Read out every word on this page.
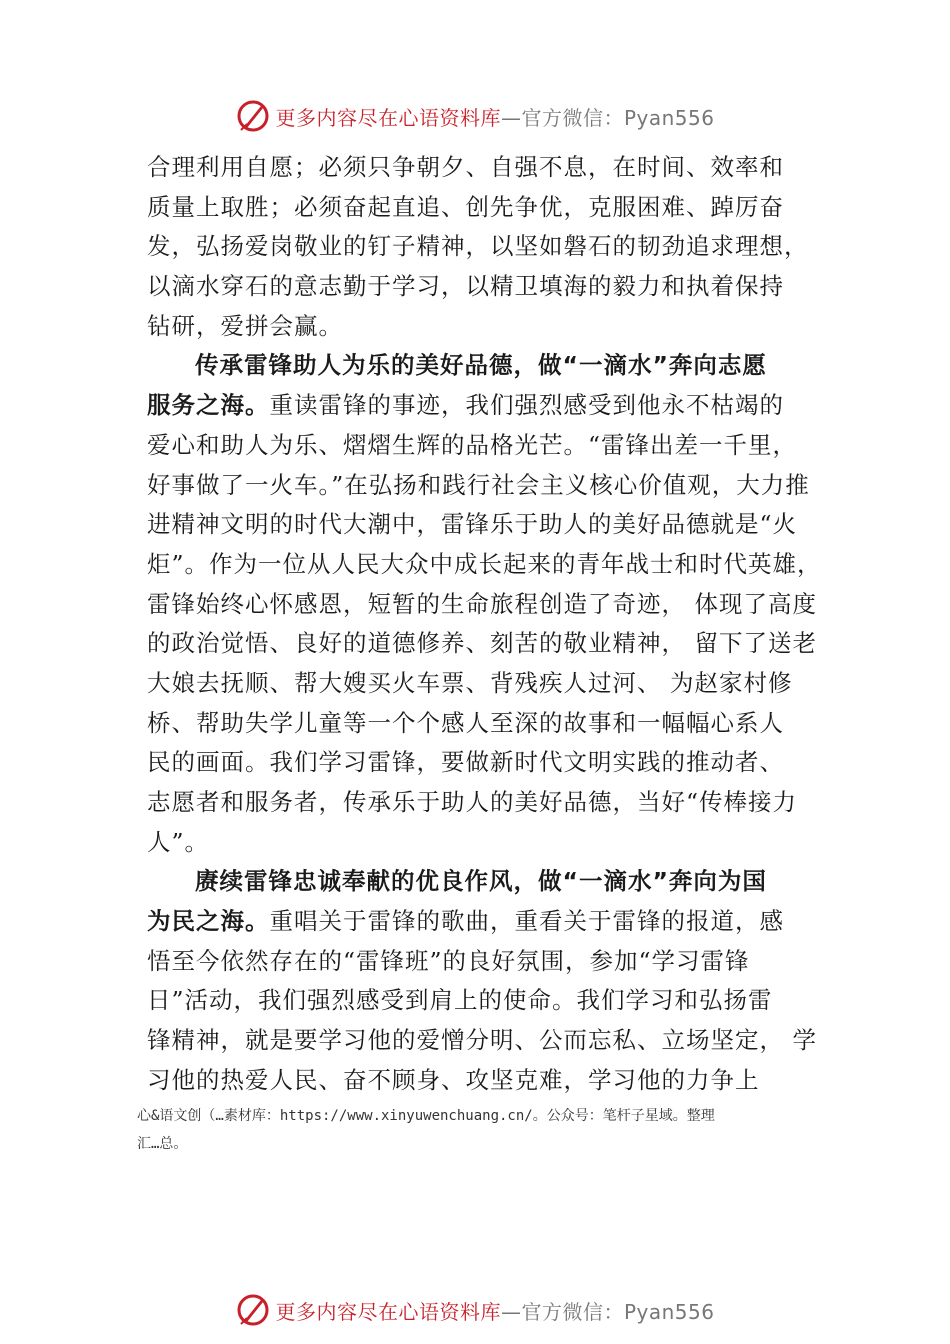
更多内容尽在心语资料库—官方微信：Pyan556
合理利用自愿；必须只争朝夕、自强不息，在时间、效率和
质量上取胜；必须奋起直追、创先争优，克服困难、踔厉奋
发，弘扬爱岗敬业的钉子精神，以坚如磐石的韧劲追求理想，
以滴水穿石的意志勤于学习，以精卫填海的毅力和执着保持
钻研，爱拼会赢。
传承雷锋助人为乐的美好品德，做“一滴水”奔向志愿
服务之海。重读雷锋的事迹，我们强烈感受到他永不枯竭的
爱心和助人为乐、熠熠生辉的品格光芒。“雷锋出差一千里，
好事做了一火车。”在弘扬和践行社会主义核心价值观，大力推
进精神文明的时代大潮中，雷锋乐于助人的美好品德就是“火
炬”。作为一位从人民大众中成长起来的青年战士和时代英雄，
雷锋始终心怀感恩，短暂的生命旅程创造了奇迹， 体现了高度
的政治觉悟、良好的道德修养、刻苦的敬业精神， 留下了送老
大娘去抚顺、帮大嫂买火车票、背残疾人过河、 为赵家村修
桥、帮助失学儿童等一个个感人至深的故事和一幅幅心系人
民的画面。我们学习雷锋，要做新时代文明实践的推动者、
志愿者和服务者，传承乐于助人的美好品德，当好“传棒接力
人”。
赓续雷锋忠诚奉献的优良作风，做“一滴水”奔向为国
为民之海。重唱关于雷锋的歌曲，重看关于雷锋的报道，感
悟至今依然存在的“雷锋班”的良好氛围，参加“学习雷锋
日”活动，我们强烈感受到肩上的使命。我们学习和弘扬雷
锋精神，就是要学习他的爱憎分明、公而忘私、立场坚定， 学
习他的热爱人民、奋不顾身、攻坚克难，学习他的力争上
心&语文创（…素材库：https://www.xinyuwenchuang.cn/。公众号：笔杆子星域。整理
汇…总。
更多内容尽在心语资料库—官方微信：Pyan556
